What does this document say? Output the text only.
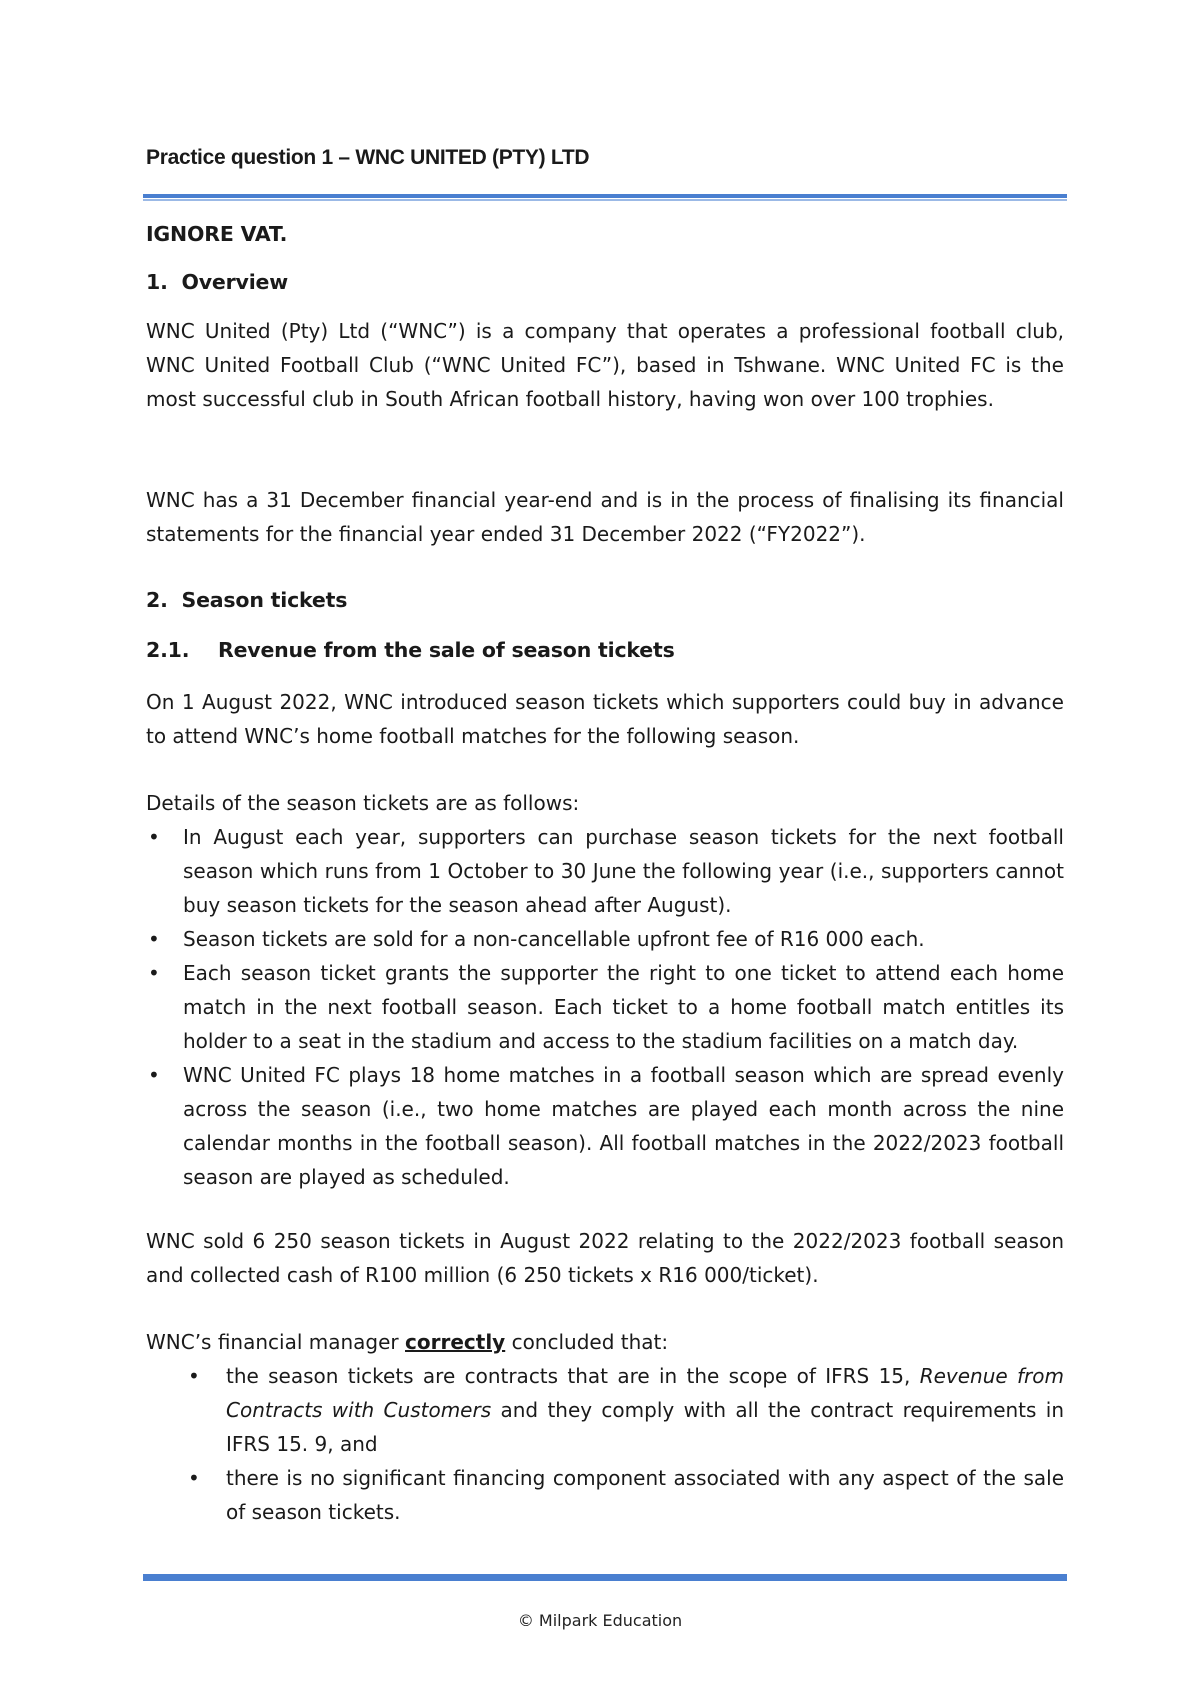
Practice question 1 – WNC UNITED (PTY) LTD
IGNORE VAT.
1.  Overview

WNC United (Pty) Ltd (“WNC”) is a company that operates a professional football club, WNC United Football Club (“WNC United FC”), based in Tshwane. WNC United FC is the most successful club in South African football history, having won over 100 trophies.

WNC has a 31 December financial year-end and is in the process of finalising its financial statements for the financial year ended 31 December 2022 (“FY2022”).

2.  Season tickets
2.1. Revenue from the sale of season tickets

On 1 August 2022, WNC introduced season tickets which supporters could buy in advance to attend WNC’s home football matches for the following season.

Details of the season tickets are as follows:

• In August each year, supporters can purchase season tickets for the next football season which runs from 1 October to 30 June the following year (i.e., supporters cannot buy season tickets for the season ahead after August).
• Season tickets are sold for a non-cancellable upfront fee of R16 000 each.
• Each season ticket grants the supporter the right to one ticket to attend each home match in the next football season. Each ticket to a home football match entitles its holder to a seat in the stadium and access to the stadium facilities on a match day.
• WNC United FC plays 18 home matches in a football season which are spread evenly across the season (i.e., two home matches are played each month across the nine calendar months in the football season). All football matches in the 2022/2023 football season are played as scheduled.

WNC sold 6 250 season tickets in August 2022 relating to the 2022/2023 football season and collected cash of R100 million (6 250 tickets x R16 000/ticket).

WNC’s financial manager correctly concluded that:

• the season tickets are contracts that are in the scope of IFRS 15, Revenue from Contracts with Customers and they comply with all the contract requirements in IFRS 15. 9, and
• there is no significant financing component associated with any aspect of the sale of season tickets.
© Milpark Education
